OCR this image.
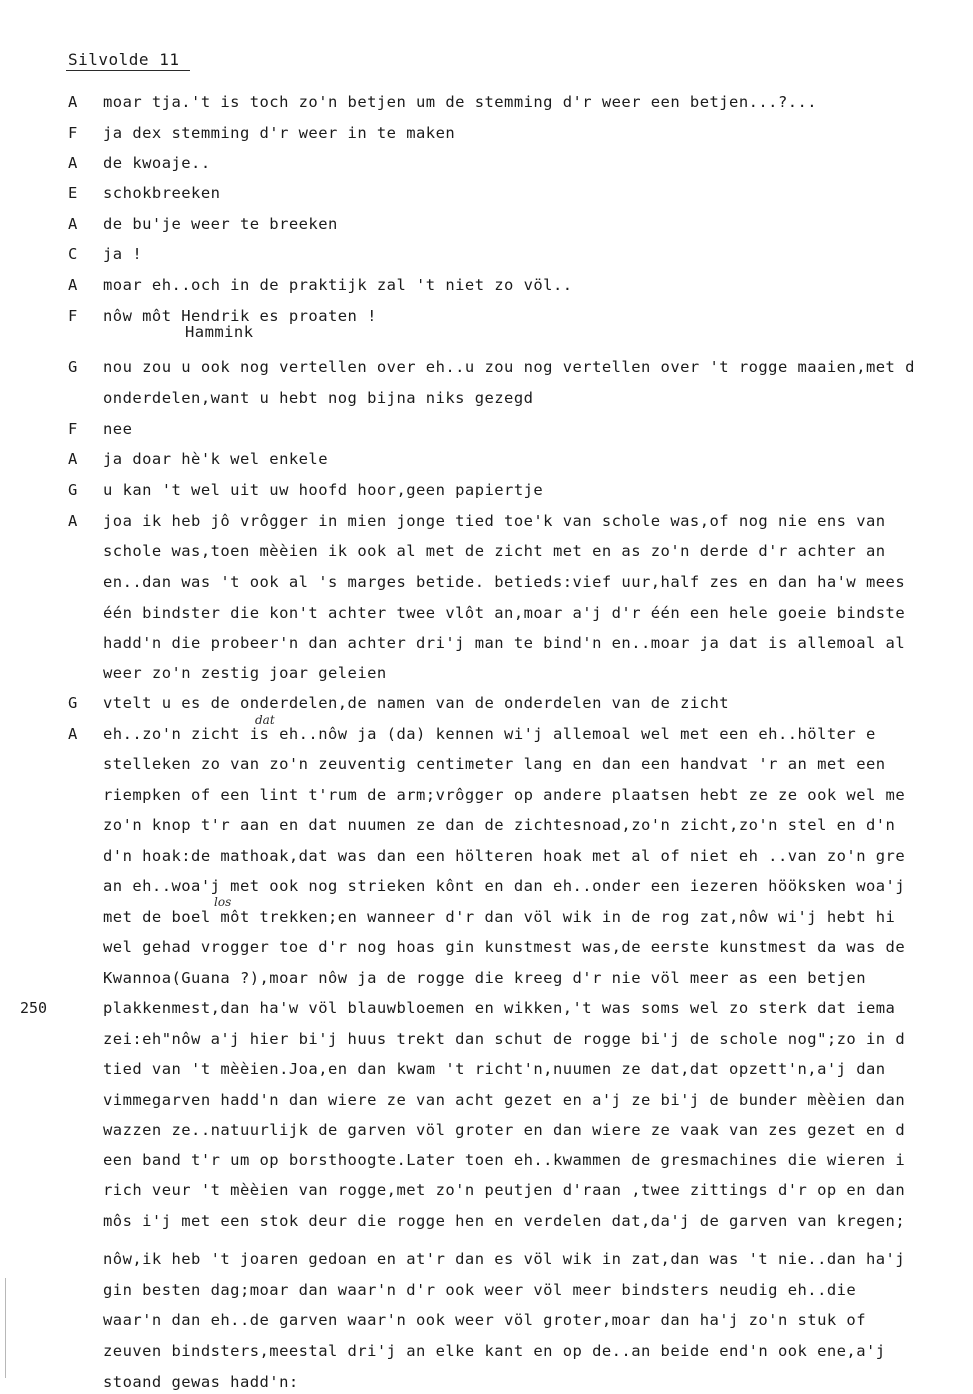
Silvolde 11
A moar tja.'t is toch zo'n betjen um de stemming d'r weer een betjen...?...
F ja dex stemming d'r weer in te maken
A de kwoaje..
E schokbreeken
A de bu'je weer te breeken
C ja !
A moar eh..och in de praktijk zal 't niet zo völ..
F nôw môt Hendrik es proaten !
Hammink
G nou zou u ook nog vertellen over eh..u zou nog vertellen over 't rogge maaien,met d
onderdelen,want u hebt nog bijna niks gezegd
F nee
A ja doar hè'k wel enkele
G u kan 't wel uit uw hoofd hoor,geen papiertje
A joa ik heb jô vrôgger in mien jonge tied toe'k van schole was,of nog nie ens van
schole was,toen mèèien ik ook al met de zicht met en as zo'n derde d'r achter an
en..dan was 't ook al 's marges betide. betieds:vief uur,half zes en dan ha'w mees
één bindster die kon't achter twee vlôt an,moar a'j d'r één een hele goeie bindste
hadd'n die probeer'n dan achter dri'j man te bind'n en..moar ja dat is allemoal al
weer zo'n zestig joar geleien
G vtelt u es de onderdelen,de namen van de onderdelen van de zicht
A eh..zo'n zicht is eh..nôw ja (da) kennen wi'j allemoal wel met een eh..hölter e
stelleken zo van zo'n zeuventig centimeter lang en dan een handvat 'r an met een
riempken of een lint t'rum de arm;vrôgger op andere plaatsen hebt ze ze ook wel me
zo'n knop t'r aan en dat nuumen ze dan de zichtesnoad,zo'n zicht,zo'n stel en d'n
d'n hoak:de mathoak,dat was dan een hölteren hoak met al of niet eh ..van zo'n gre
an eh..woa'j met ook nog strieken kônt en dan eh..onder een iezeren hööksken woa'j
met de boel môt trekken;en wanneer d'r dan völ wik in de rog zat,nôw wi'j hebt hi
wel gehad vrogger toe d'r nog hoas gin kunstmest was,de eerste kunstmest da was de
Kwannoa(Guana ?),moar nôw ja de rogge die kreeg d'r nie völ meer as een betjen
plakkenmest,dan ha'w völ blauwbloemen en wikken,'t was soms wel zo sterk dat iema
zei:eh"nôw a'j hier bi'j huus trekt dan schut de rogge bi'j de schole nog";zo in d
tied van 't mèèien.Joa,en dan kwam 't richt'n,nuumen ze dat,dat opzett'n,a'j dan
vimmegarven hadd'n dan wiere ze van acht gezet en a'j ze bi'j de bunder mèèien dan
wazzen ze..natuurlijk de garven völ groter en dan wiere ze vaak van zes gezet en d
een band t'r um op borsthoogte.Later toen eh..kwammen de gresmachines die wieren i
rich veur 't mèèien van rogge,met zo'n peutjen d'raan ,twee zittings d'r op en dan
môs i'j met een stok deur die rogge hen en verdelen dat,da'j de garven van kregen;
nôw,ik heb 't joaren gedoan en at'r dan es völ wik in zat,dan was 't nie..dan ha'j
gin besten dag;moar dan waar'n d'r ook weer völ meer bindsters neudig eh..die
waar'n dan eh..de garven waar'n ook weer völ groter,moar dan ha'j zo'n stuk of
zeuven bindsters,meestal dri'j an elke kant en op de..an beide end'n ook ene,a'j
stoand gewas hadd'n:
250
dat
los
